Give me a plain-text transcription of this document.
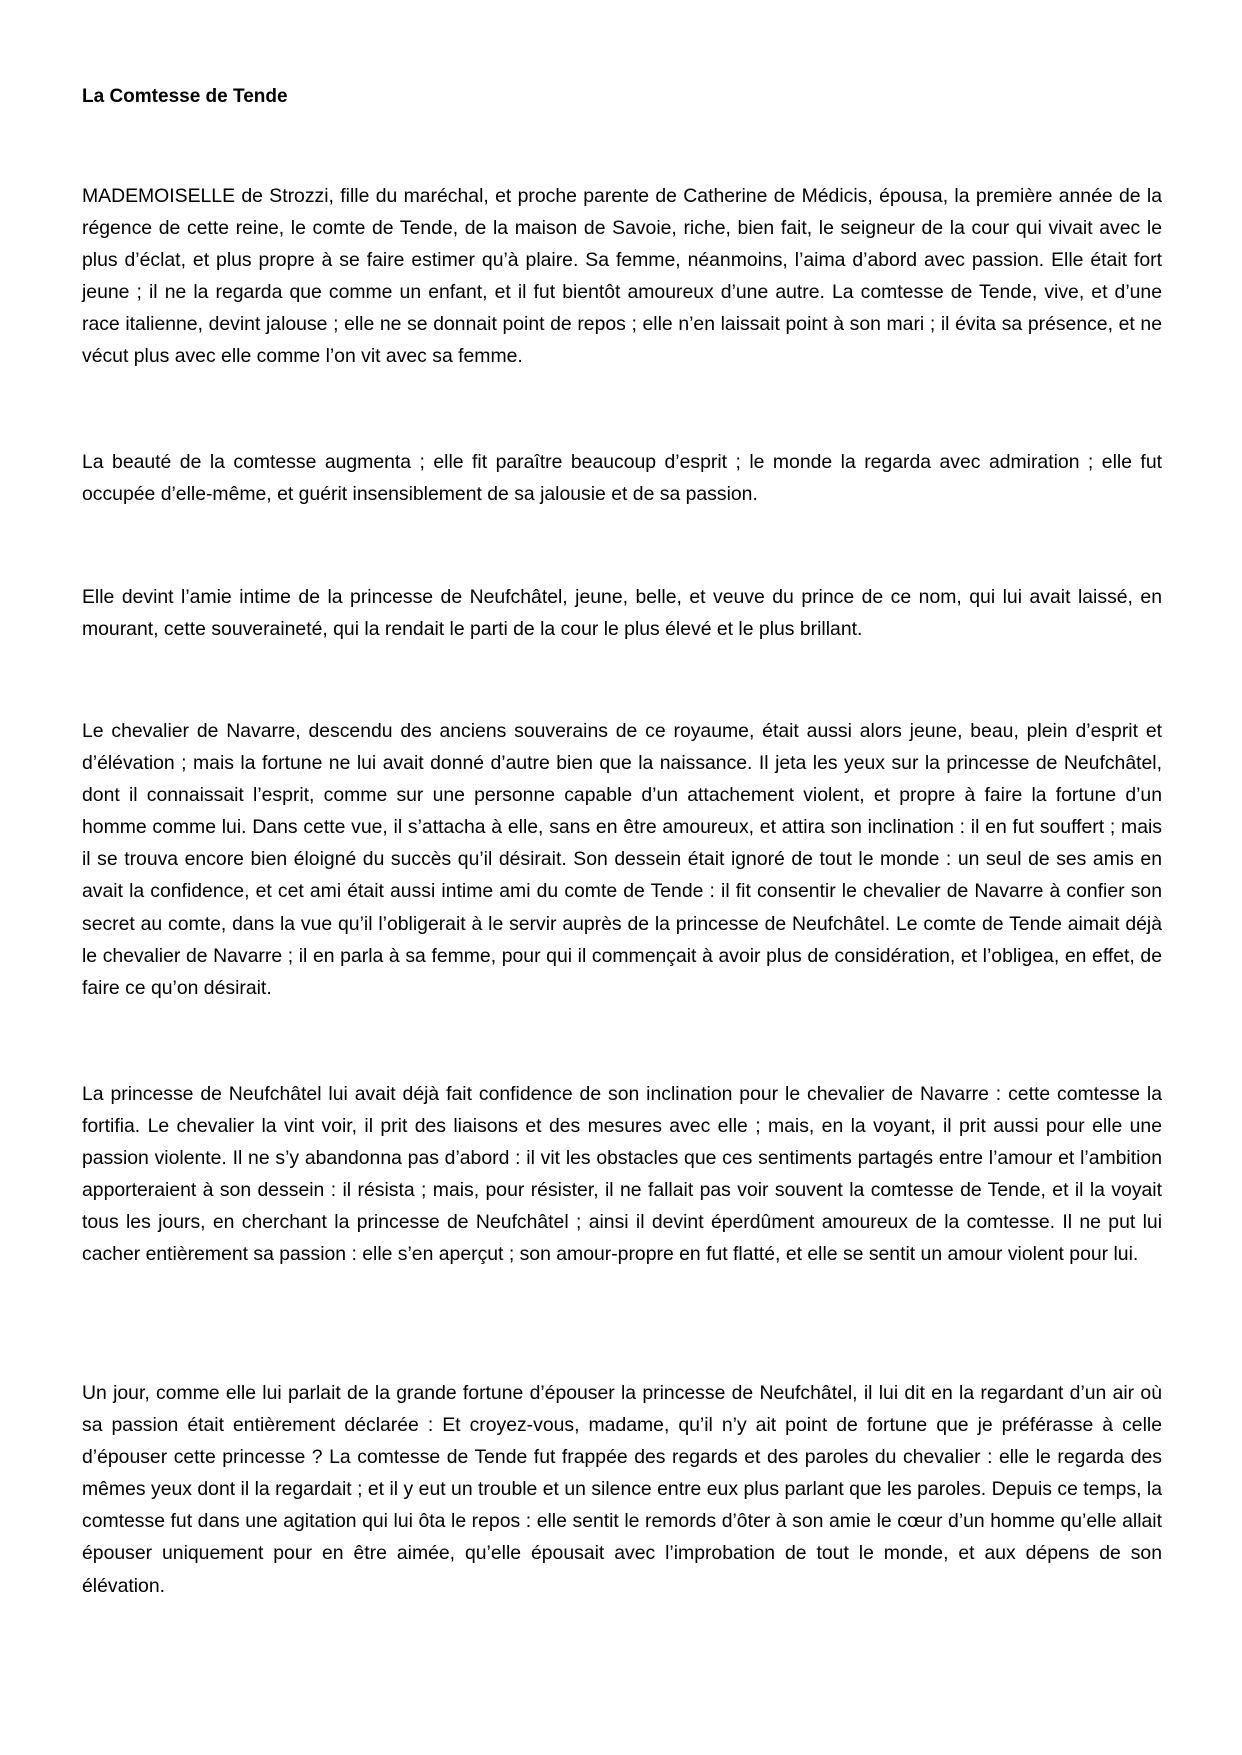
La Comtesse de Tende

MADEMOISELLE de Strozzi, fille du maréchal, et proche parente de Catherine de Médicis, épousa, la première année de la régence de cette reine, le comte de Tende, de la maison de Savoie, riche, bien fait, le seigneur de la cour qui vivait avec le plus d’éclat, et plus propre à se faire estimer qu’à plaire. Sa femme, néanmoins, l’aima d’abord avec passion. Elle était fort jeune ; il ne la regarda que comme un enfant, et il fut bientôt amoureux d’une autre. La comtesse de Tende, vive, et d’une race italienne, devint jalouse ; elle ne se donnait point de repos ; elle n’en laissait point à son mari ; il évita sa présence, et ne vécut plus avec elle comme l’on vit avec sa femme.

La beauté de la comtesse augmenta ; elle fit paraître beaucoup d’esprit ; le monde la regarda avec admiration ; elle fut occupée d’elle-même, et guérit insensiblement de sa jalousie et de sa passion.

Elle devint l’amie intime de la princesse de Neufchâtel, jeune, belle, et veuve du prince de ce nom, qui lui avait laissé, en mourant, cette souveraineté, qui la rendait le parti de la cour le plus élevé et le plus brillant.

Le chevalier de Navarre, descendu des anciens souverains de ce royaume, était aussi alors jeune, beau, plein d’esprit et d’élévation ; mais la fortune ne lui avait donné d’autre bien que la naissance. Il jeta les yeux sur la princesse de Neufchâtel, dont il connaissait l’esprit, comme sur une personne capable d’un attachement violent, et propre à faire la fortune d’un homme comme lui. Dans cette vue, il s’attacha à elle, sans en être amoureux, et attira son inclination : il en fut souffert ; mais il se trouva encore bien éloigné du succès qu’il désirait. Son dessein était ignoré de tout le monde : un seul de ses amis en avait la confidence, et cet ami était aussi intime ami du comte de Tende : il fit consentir le chevalier de Navarre à confier son secret au comte, dans la vue qu’il l’obligerait à le servir auprès de la princesse de Neufchâtel. Le comte de Tende aimait déjà le chevalier de Navarre ; il en parla à sa femme, pour qui il commençait à avoir plus de considération, et l’obligea, en effet, de faire ce qu’on désirait.

La princesse de Neufchâtel lui avait déjà fait confidence de son inclination pour le chevalier de Navarre : cette comtesse la fortifia. Le chevalier la vint voir, il prit des liaisons et des mesures avec elle ; mais, en la voyant, il prit aussi pour elle une passion violente. Il ne s’y abandonna pas d’abord : il vit les obstacles que ces sentiments partagés entre l’amour et l’ambition apporteraient à son dessein : il résista ; mais, pour résister, il ne fallait pas voir souvent la comtesse de Tende, et il la voyait tous les jours, en cherchant la princesse de Neufchâtel ; ainsi il devint éperdûment amoureux de la comtesse. Il ne put lui cacher entièrement sa passion : elle s’en aperçut ; son amour-propre en fut flatté, et elle se sentit un amour violent pour lui.

Un jour, comme elle lui parlait de la grande fortune d’épouser la princesse de Neufchâtel, il lui dit en la regardant d’un air où sa passion était entièrement déclarée : Et croyez-vous, madame, qu’il n’y ait point de fortune que je préférasse à celle d’épouser cette princesse ? La comtesse de Tende fut frappée des regards et des paroles du chevalier : elle le regarda des mêmes yeux dont il la regardait ; et il y eut un trouble et un silence entre eux plus parlant que les paroles. Depuis ce temps, la comtesse fut dans une agitation qui lui ôta le repos : elle sentit le remords d’ôter à son amie le cœur d’un homme qu’elle allait épouser uniquement pour en être aimée, qu’elle épousait avec l’improbation de tout le monde, et aux dépens de son élévation.
